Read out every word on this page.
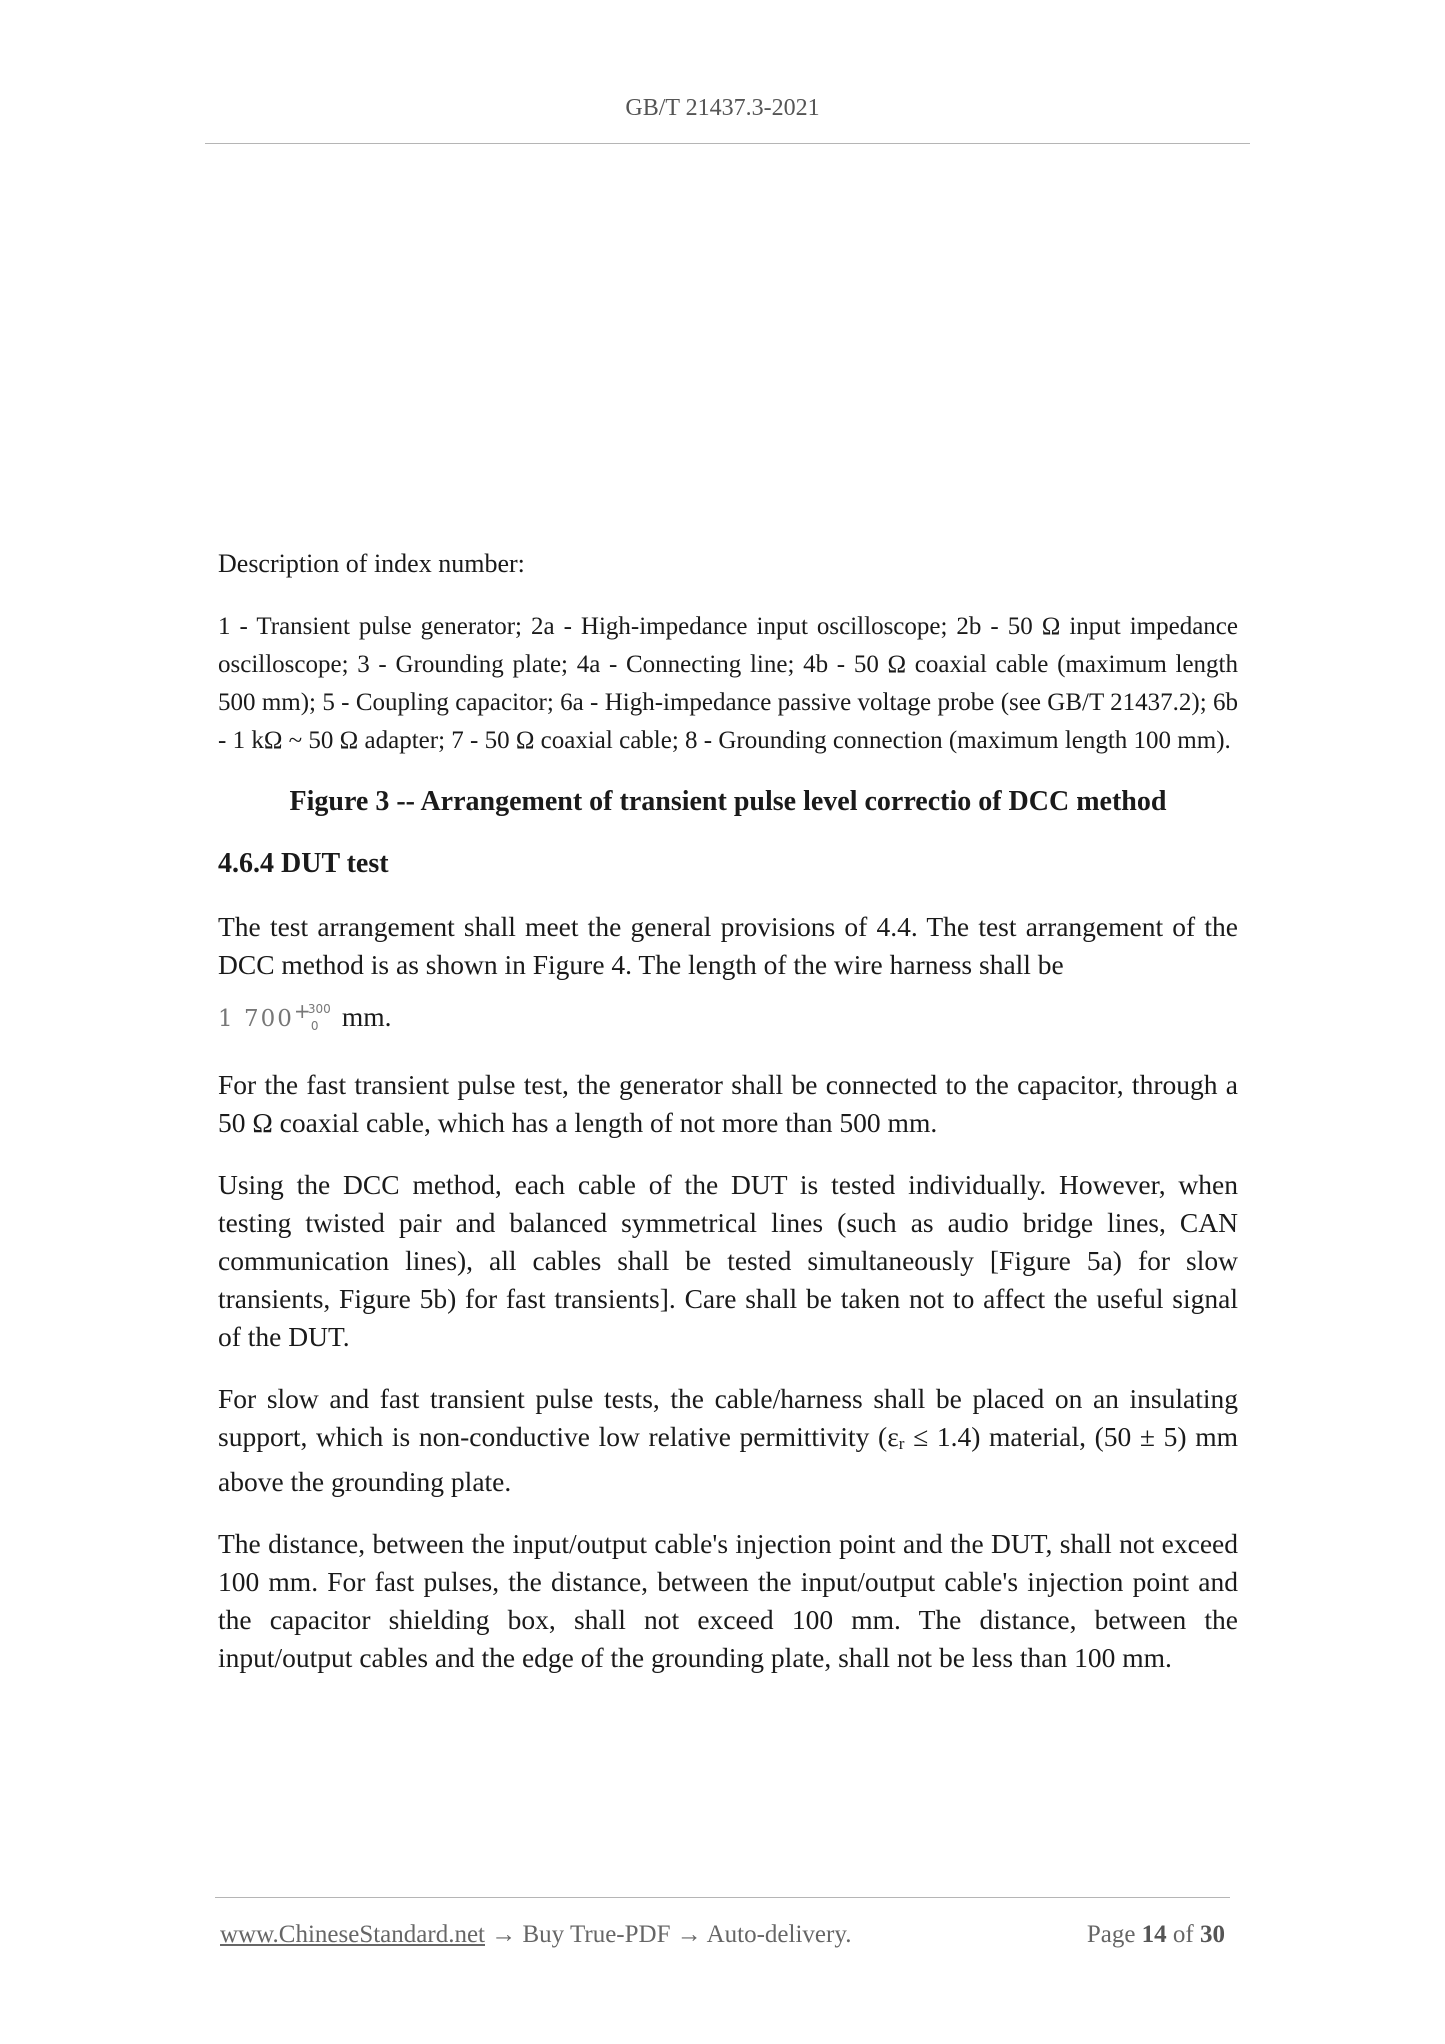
GB/T 21437.3-2021

Description of index number:

1 - Transient pulse generator; 2a - High-impedance input oscilloscope; 2b - 50 Ω input impedance oscilloscope; 3 - Grounding plate; 4a - Connecting line; 4b - 50 Ω coaxial cable (maximum length 500 mm); 5 - Coupling capacitor; 6a - High-impedance passive voltage probe (see GB/T 21437.2); 6b - 1 kΩ ~ 50 Ω adapter; 7 - 50 Ω coaxial cable; 8 - Grounding connection (maximum length 100 mm).

Figure 3 -- Arrangement of transient pulse level correctio of DCC method

4.6.4 DUT test

The test arrangement shall meet the general provisions of 4.4. The test arrangement of the DCC method is as shown in Figure 4. The length of the wire harness shall be
1 700 +
300
0 mm.

For the fast transient pulse test, the generator shall be connected to the capacitor, through a 50 Ω coaxial cable, which has a length of not more than 500 mm.

Using the DCC method, each cable of the DUT is tested individually. However, when testing twisted pair and balanced symmetrical lines (such as audio bridge lines, CAN communication lines), all cables shall be tested simultaneously [Figure 5a) for slow transients, Figure 5b) for fast transients]. Care shall be taken not to affect the useful signal of the DUT.

For slow and fast transient pulse tests, the cable/harness shall be placed on an insulating support, which is non-conductive low relative permittivity (εr ≤ 1.4) material, (50 ± 5) mm above the grounding plate.

The distance, between the input/output cable's injection point and the DUT, shall not exceed 100 mm. For fast pulses, the distance, between the input/output cable's injection point and the capacitor shielding box, shall not exceed 100 mm. The distance, between the input/output cables and the edge of the grounding plate, shall not be less than 100 mm.

www.ChineseStandard.net → Buy True-PDF → Auto-delivery.	Page 14 of 30
